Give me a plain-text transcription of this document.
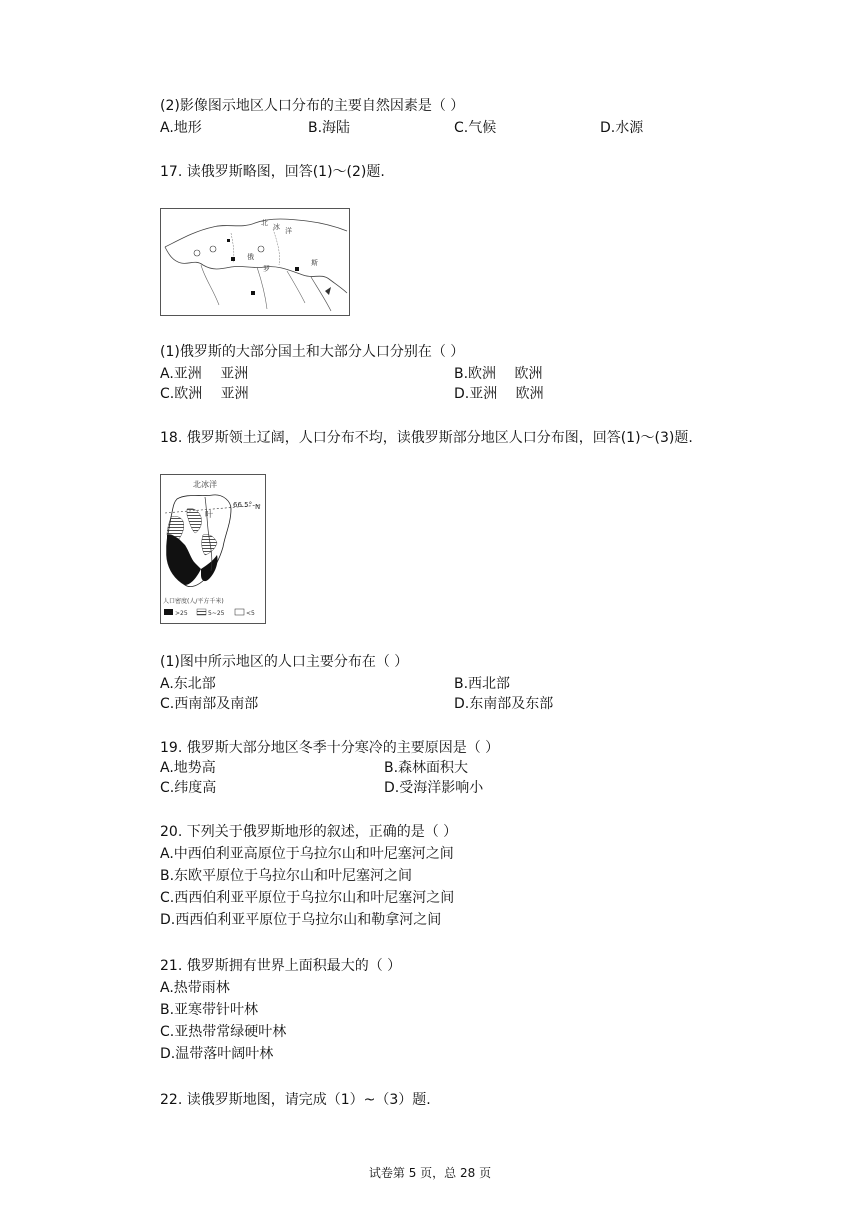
(2)影像图示地区人口分布的主要自然因素是（ ）
A.地形	B.海陆	C.气候	D.水源
17. 读俄罗斯略图，回答(1)～(2)题.
北 冰 洋
俄
罗
斯
(1)俄罗斯的大部分国土和大部分人口分别在（ ）
A.亚洲　 亚洲	B.欧洲　 欧洲
C.欧洲　 亚洲	D.亚洲　 欧洲
18. 俄罗斯领土辽阔，人口分布不均，读俄罗斯部分地区人口分布图，回答(1)～(3)题.
北冰洋
叶
66.5° N
人口密度(人/平方千米)
>25	5~25	<5
(1)图中所示地区的人口主要分布在（ ）
A.东北部	B.西北部
C.西南部及南部	D.东南部及东部
19. 俄罗斯大部分地区冬季十分寒冷的主要原因是（ ）
A.地势高	B.森林面积大
C.纬度高	D.受海洋影响小
20. 下列关于俄罗斯地形的叙述，正确的是（ ）
A.中西伯利亚高原位于乌拉尔山和叶尼塞河之间
B.东欧平原位于乌拉尔山和叶尼塞河之间
C.西西伯利亚平原位于乌拉尔山和叶尼塞河之间
D.西西伯利亚平原位于乌拉尔山和勒拿河之间
21. 俄罗斯拥有世界上面积最大的（ ）
A.热带雨林
B.亚寒带针叶林
C.亚热带常绿硬叶林
D.温带落叶阔叶林
22. 读俄罗斯地图，请完成（1）~（3）题.
试卷第 5 页，总 28 页
